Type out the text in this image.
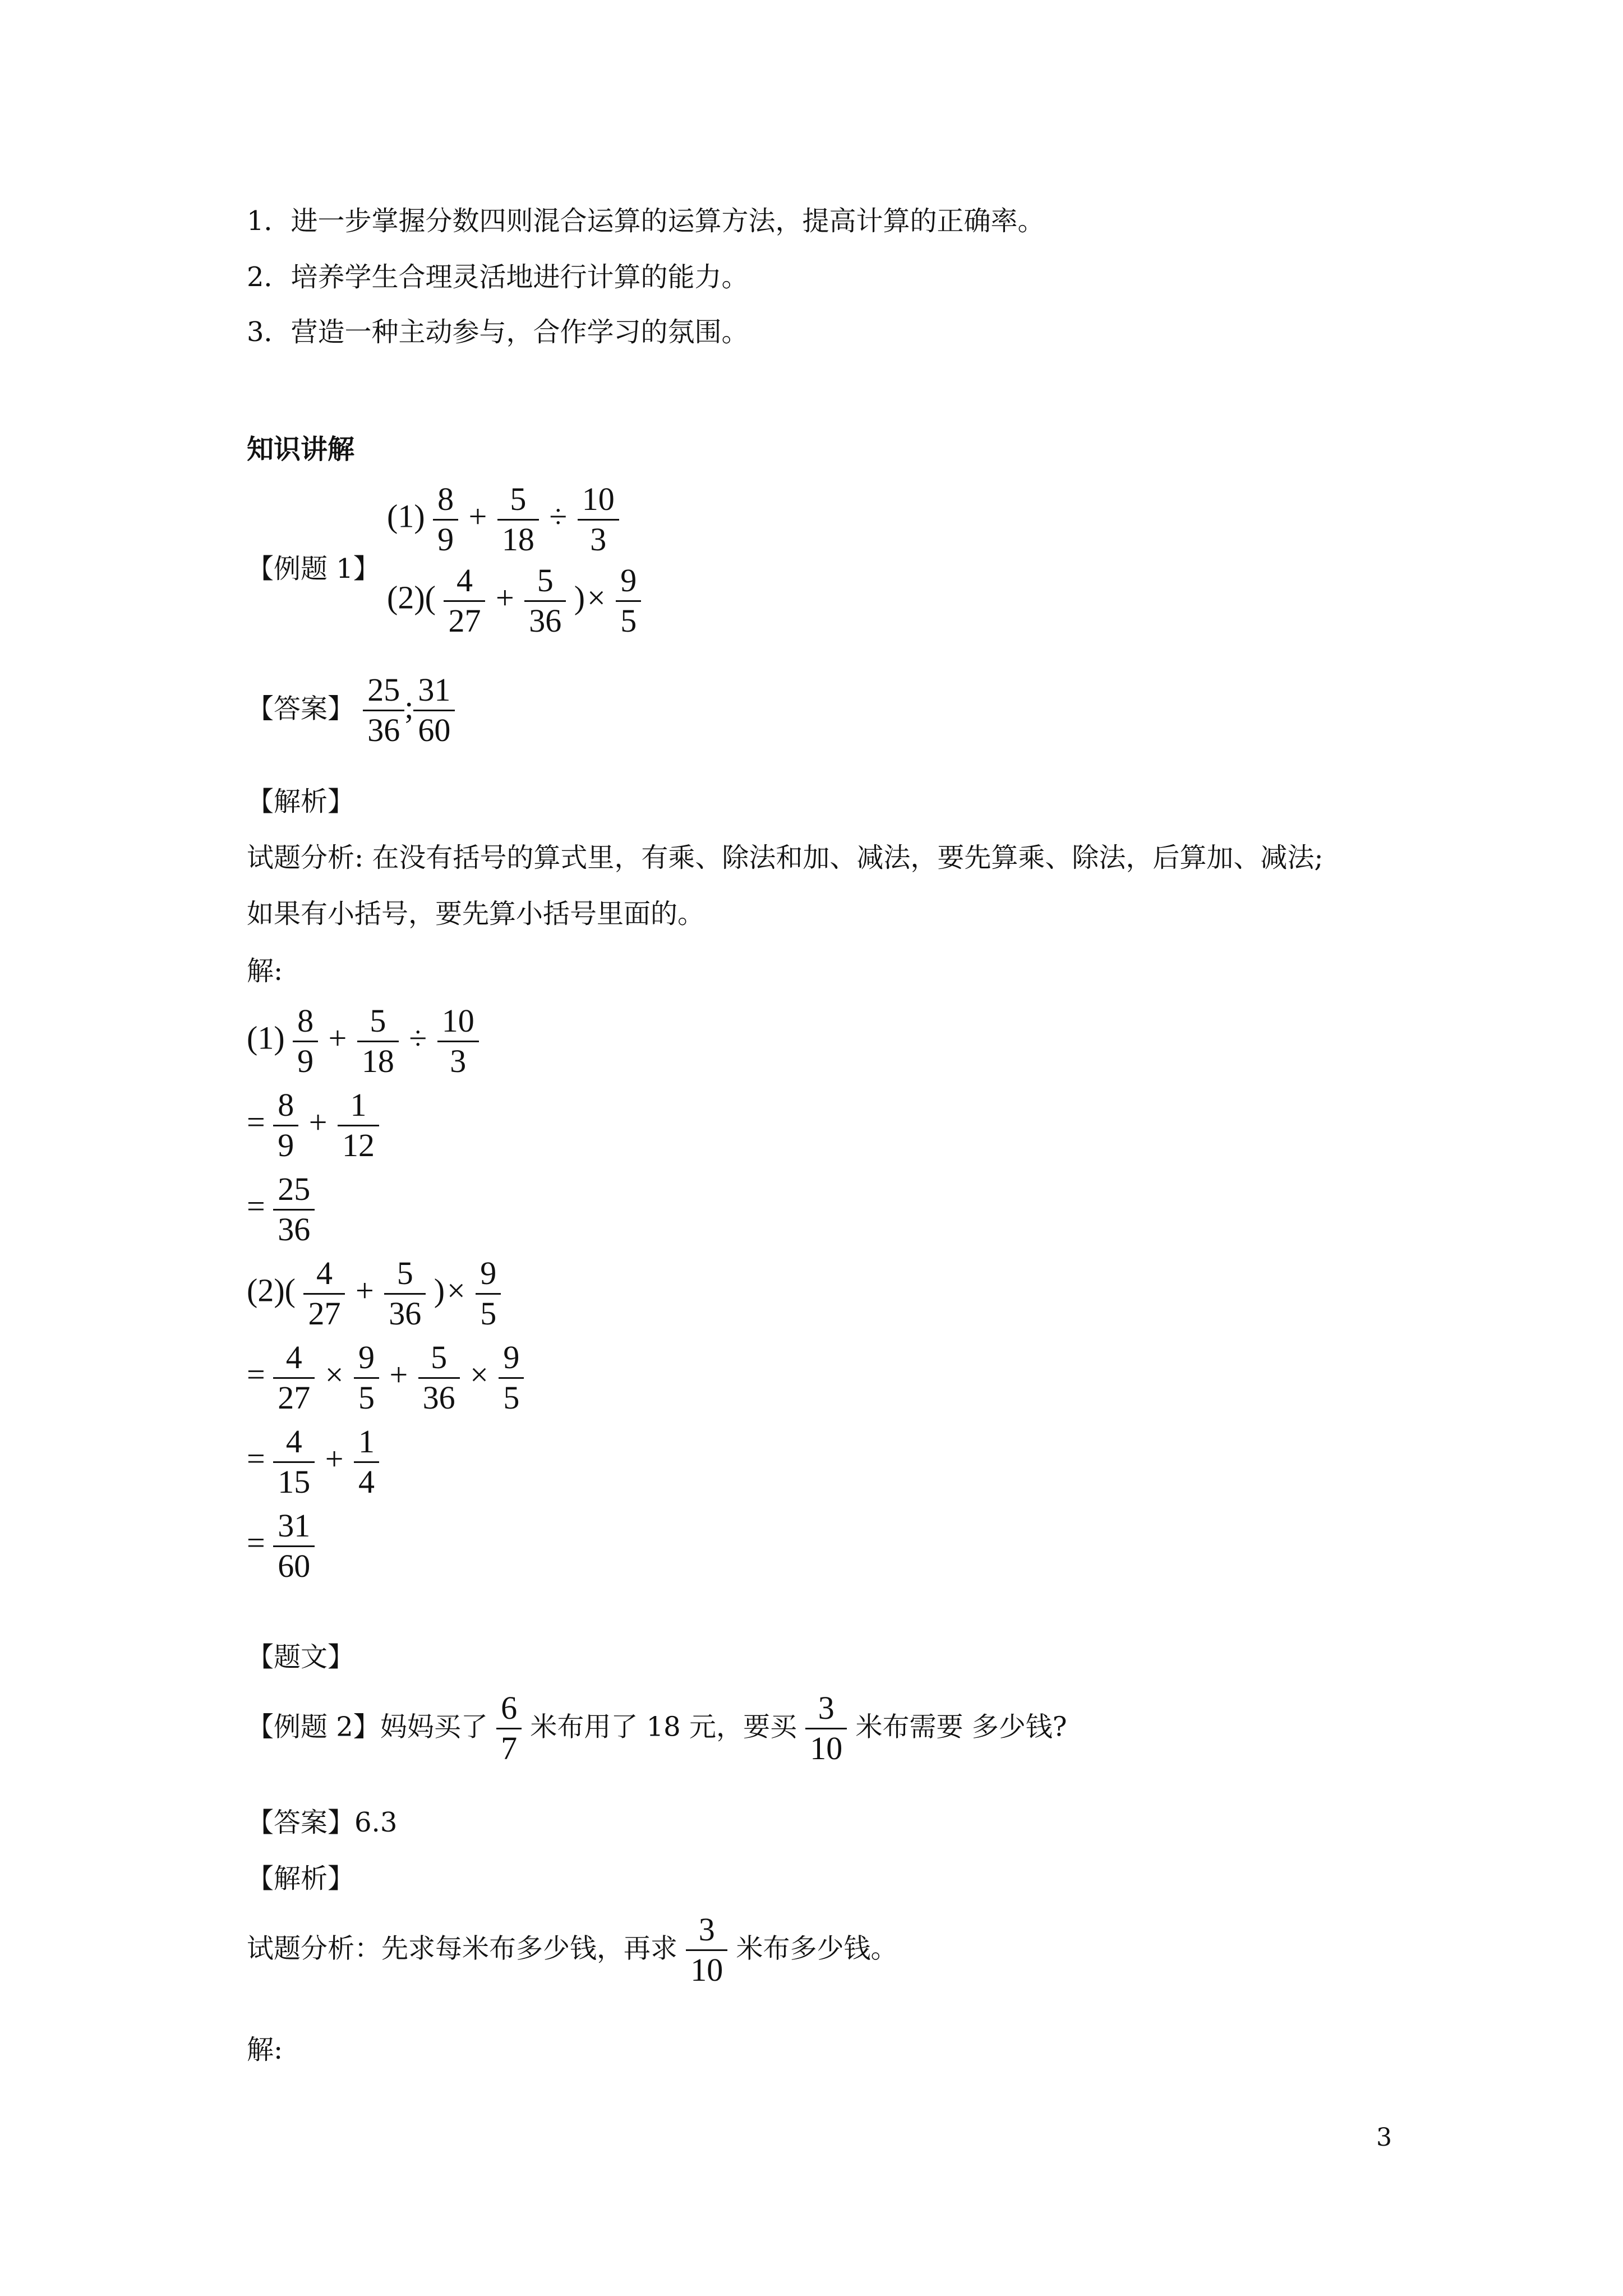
1．进一步掌握分数四则混合运算的运算方法，提高计算的正确率。
2．培养学生合理灵活地进行计算的能力。
3．营造一种主动参与，合作学习的氛围。
知识讲解
【例题 1】
$(1) \frac{8}{9} + \frac{5}{18} \div \frac{10}{3}$
$(2)( \frac{4}{27} + \frac{5}{36}$ )× $\frac{9}{5}$
【答案】 $\frac{25}{36}$ ; $\frac{31}{60}$
【解析】
试题分析: 在没有括号的算式里，有乘、除法和加、减法，要先算乘、除法，后算加、减法;
如果有小括号，要先算小括号里面的。
解:
$(1) \frac{8}{9} + \frac{5}{18} \div \frac{10}{3}$
= $\frac{8}{9} + \frac{1}{12}$
= $\frac{25}{36}$
$(2)( \frac{4}{27} + \frac{5}{36}$ )× $\frac{9}{5}$
= $\frac{4}{27} \times \frac{9}{5} + \frac{5}{36} \times \frac{9}{5}$
= $\frac{4}{15} + \frac{1}{4}$
= $\frac{31}{60}$
【题文】
【例题 2】妈妈买了 $\frac{6}{7}$ 米布用了 18 元，要买 $\frac{3}{10}$ 米布需要 多少钱?
【答案】6.3
【解析】
试题分析：先求每米布多少钱，再求 $\frac{3}{10}$ 米布多少钱。
解:
3
